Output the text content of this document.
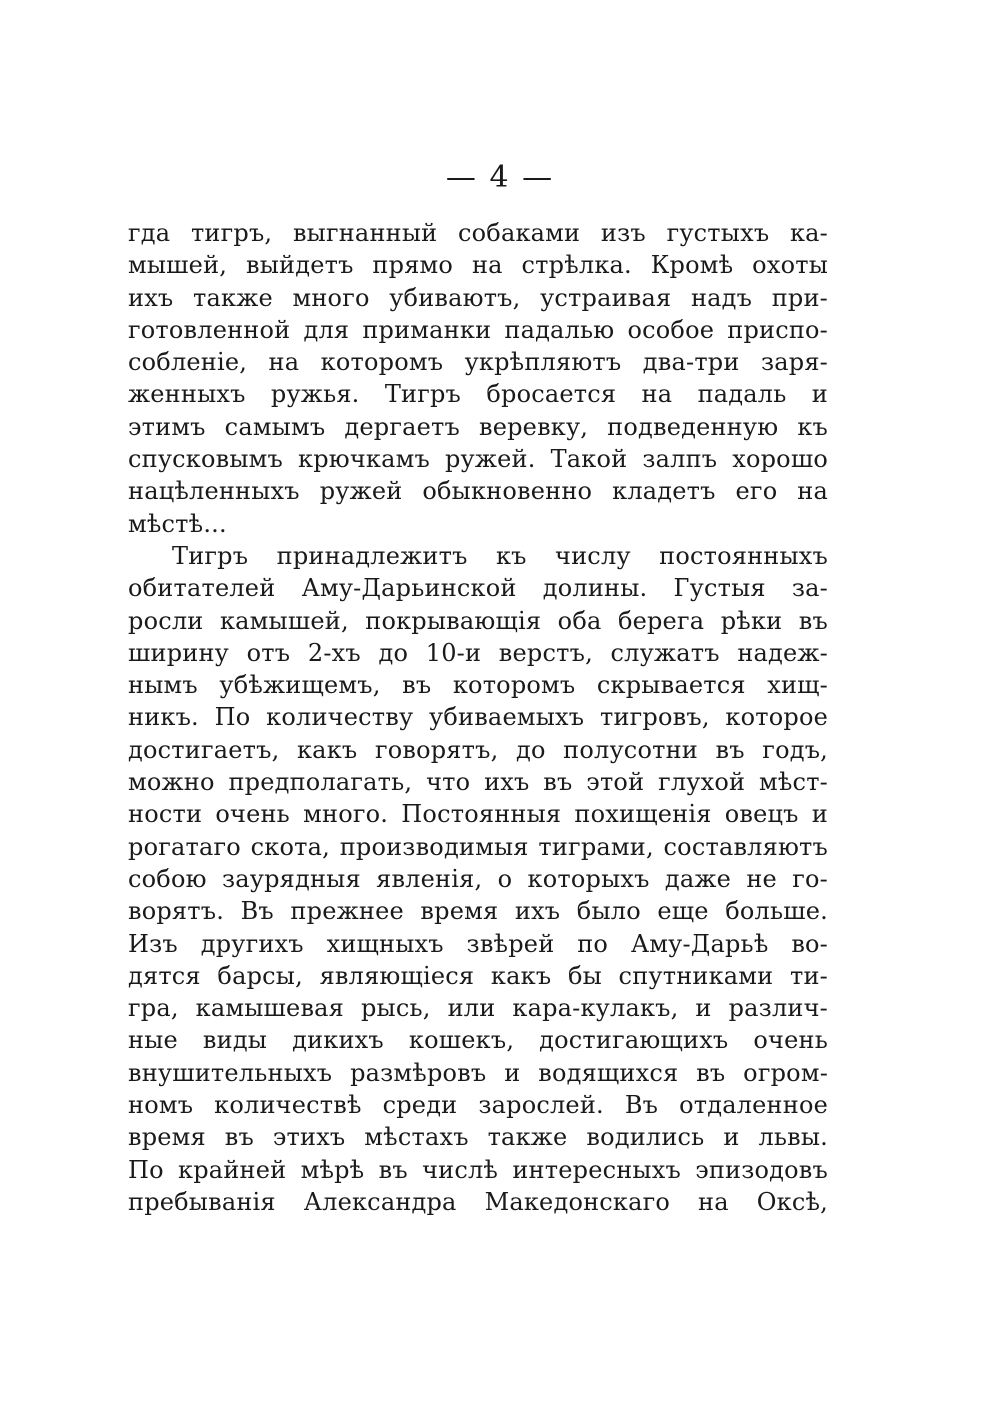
— 4 —
гда тигръ, выгнанный собаками изъ густыхъ ка-
мышей, выйдетъ прямо на стрѣлка. Кромѣ охоты
ихъ также много убиваютъ, устраивая надъ при-
готовленной для приманки падалью особое приспо-
собленіе, на которомъ укрѣпляютъ два-три заря-
женныхъ ружья. Тигръ бросается на падаль и
этимъ самымъ дергаетъ веревку, подведенную къ
спусковымъ крючкамъ ружей. Такой залпъ хорошо
нацѣленныхъ ружей обыкновенно кладетъ его на
мѣстѣ...
Тигръ принадлежитъ къ числу постоянныхъ
обитателей Аму-Дарьинской долины. Густыя за-
росли камышей, покрывающія оба берега рѣки въ
ширину отъ 2-хъ до 10-и верстъ, служатъ надеж-
нымъ убѣжищемъ, въ которомъ скрывается хищ-
никъ. По количеству убиваемыхъ тигровъ, которое
достигаетъ, какъ говорятъ, до полусотни въ годъ,
можно предполагать, что ихъ въ этой глухой мѣст-
ности очень много. Постоянныя похищенія овецъ и
рогатаго скота, производимыя тиграми, составляютъ
собою заурядныя явленія, о которыхъ даже не го-
ворятъ. Въ прежнее время ихъ было еще больше.
Изъ другихъ хищныхъ звѣрей по Аму-Дарьѣ во-
дятся барсы, являющіеся какъ бы спутниками ти-
гра, камышевая рысь, или кара-кулакъ, и различ-
ные виды дикихъ кошекъ, достигающихъ очень
внушительныхъ размѣровъ и водящихся въ огром-
номъ количествѣ среди зарослей. Въ отдаленное
время въ этихъ мѣстахъ также водились и львы.
По крайней мѣрѣ въ числѣ интересныхъ эпизодовъ
пребыванія Александра Македонскаго на Оксѣ,
